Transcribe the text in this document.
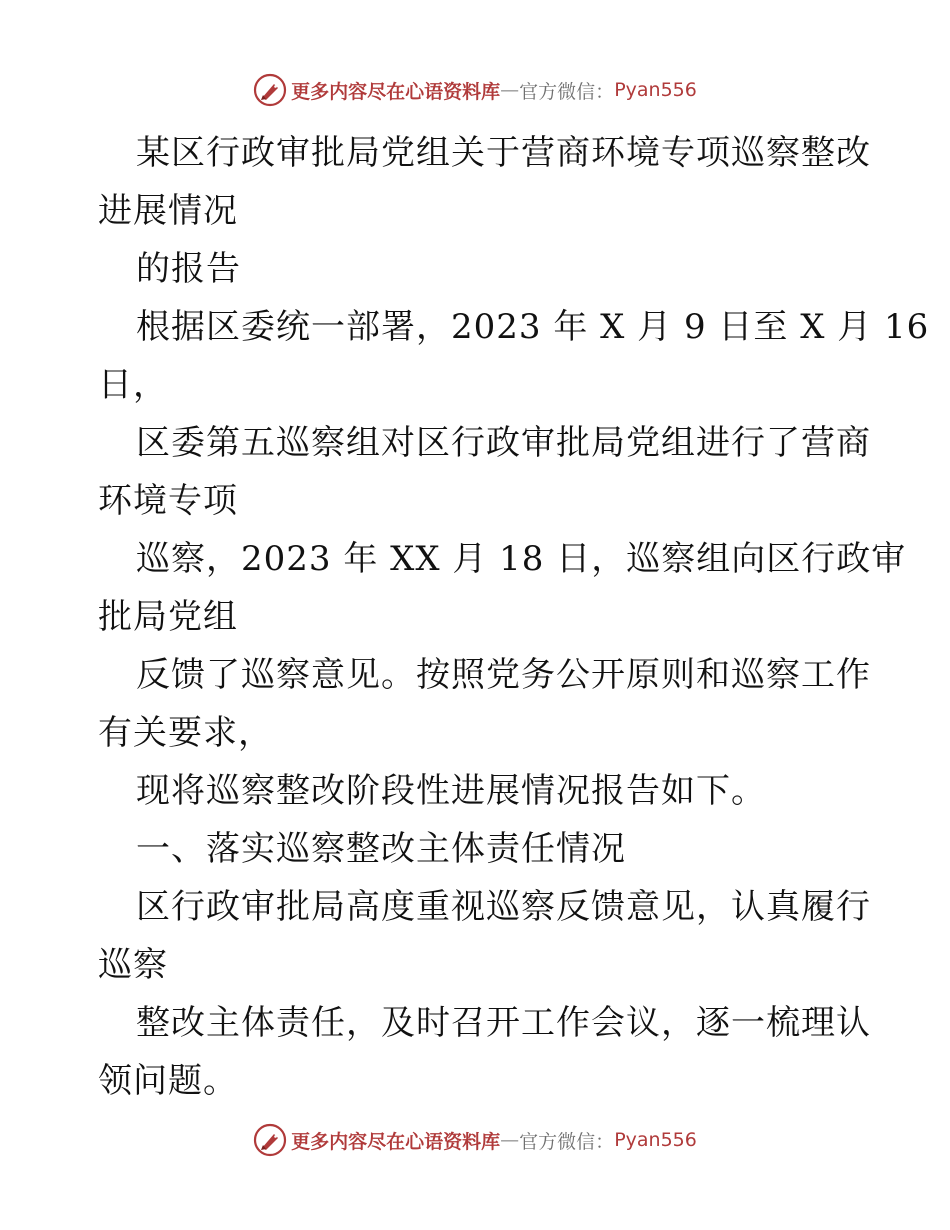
更多内容尽在心语资料库 — 官方微信： Pyan556
某区行政审批局党组关于营商环境专项巡察整改
进展情况
的报告
根据区委统一部署，2023 年 X 月 9 日至 X 月 16
日，
区委第五巡察组对区行政审批局党组进行了营商
环境专项
巡察，2023 年 XX 月 18 日，巡察组向区行政审
批局党组
反馈了巡察意见。按照党务公开原则和巡察工作
有关要求，
现将巡察整改阶段性进展情况报告如下。
一、落实巡察整改主体责任情况
区行政审批局高度重视巡察反馈意见，认真履行
巡察
整改主体责任，及时召开工作会议，逐一梳理认
领问题。
更多内容尽在心语资料库 — 官方微信： Pyan556
